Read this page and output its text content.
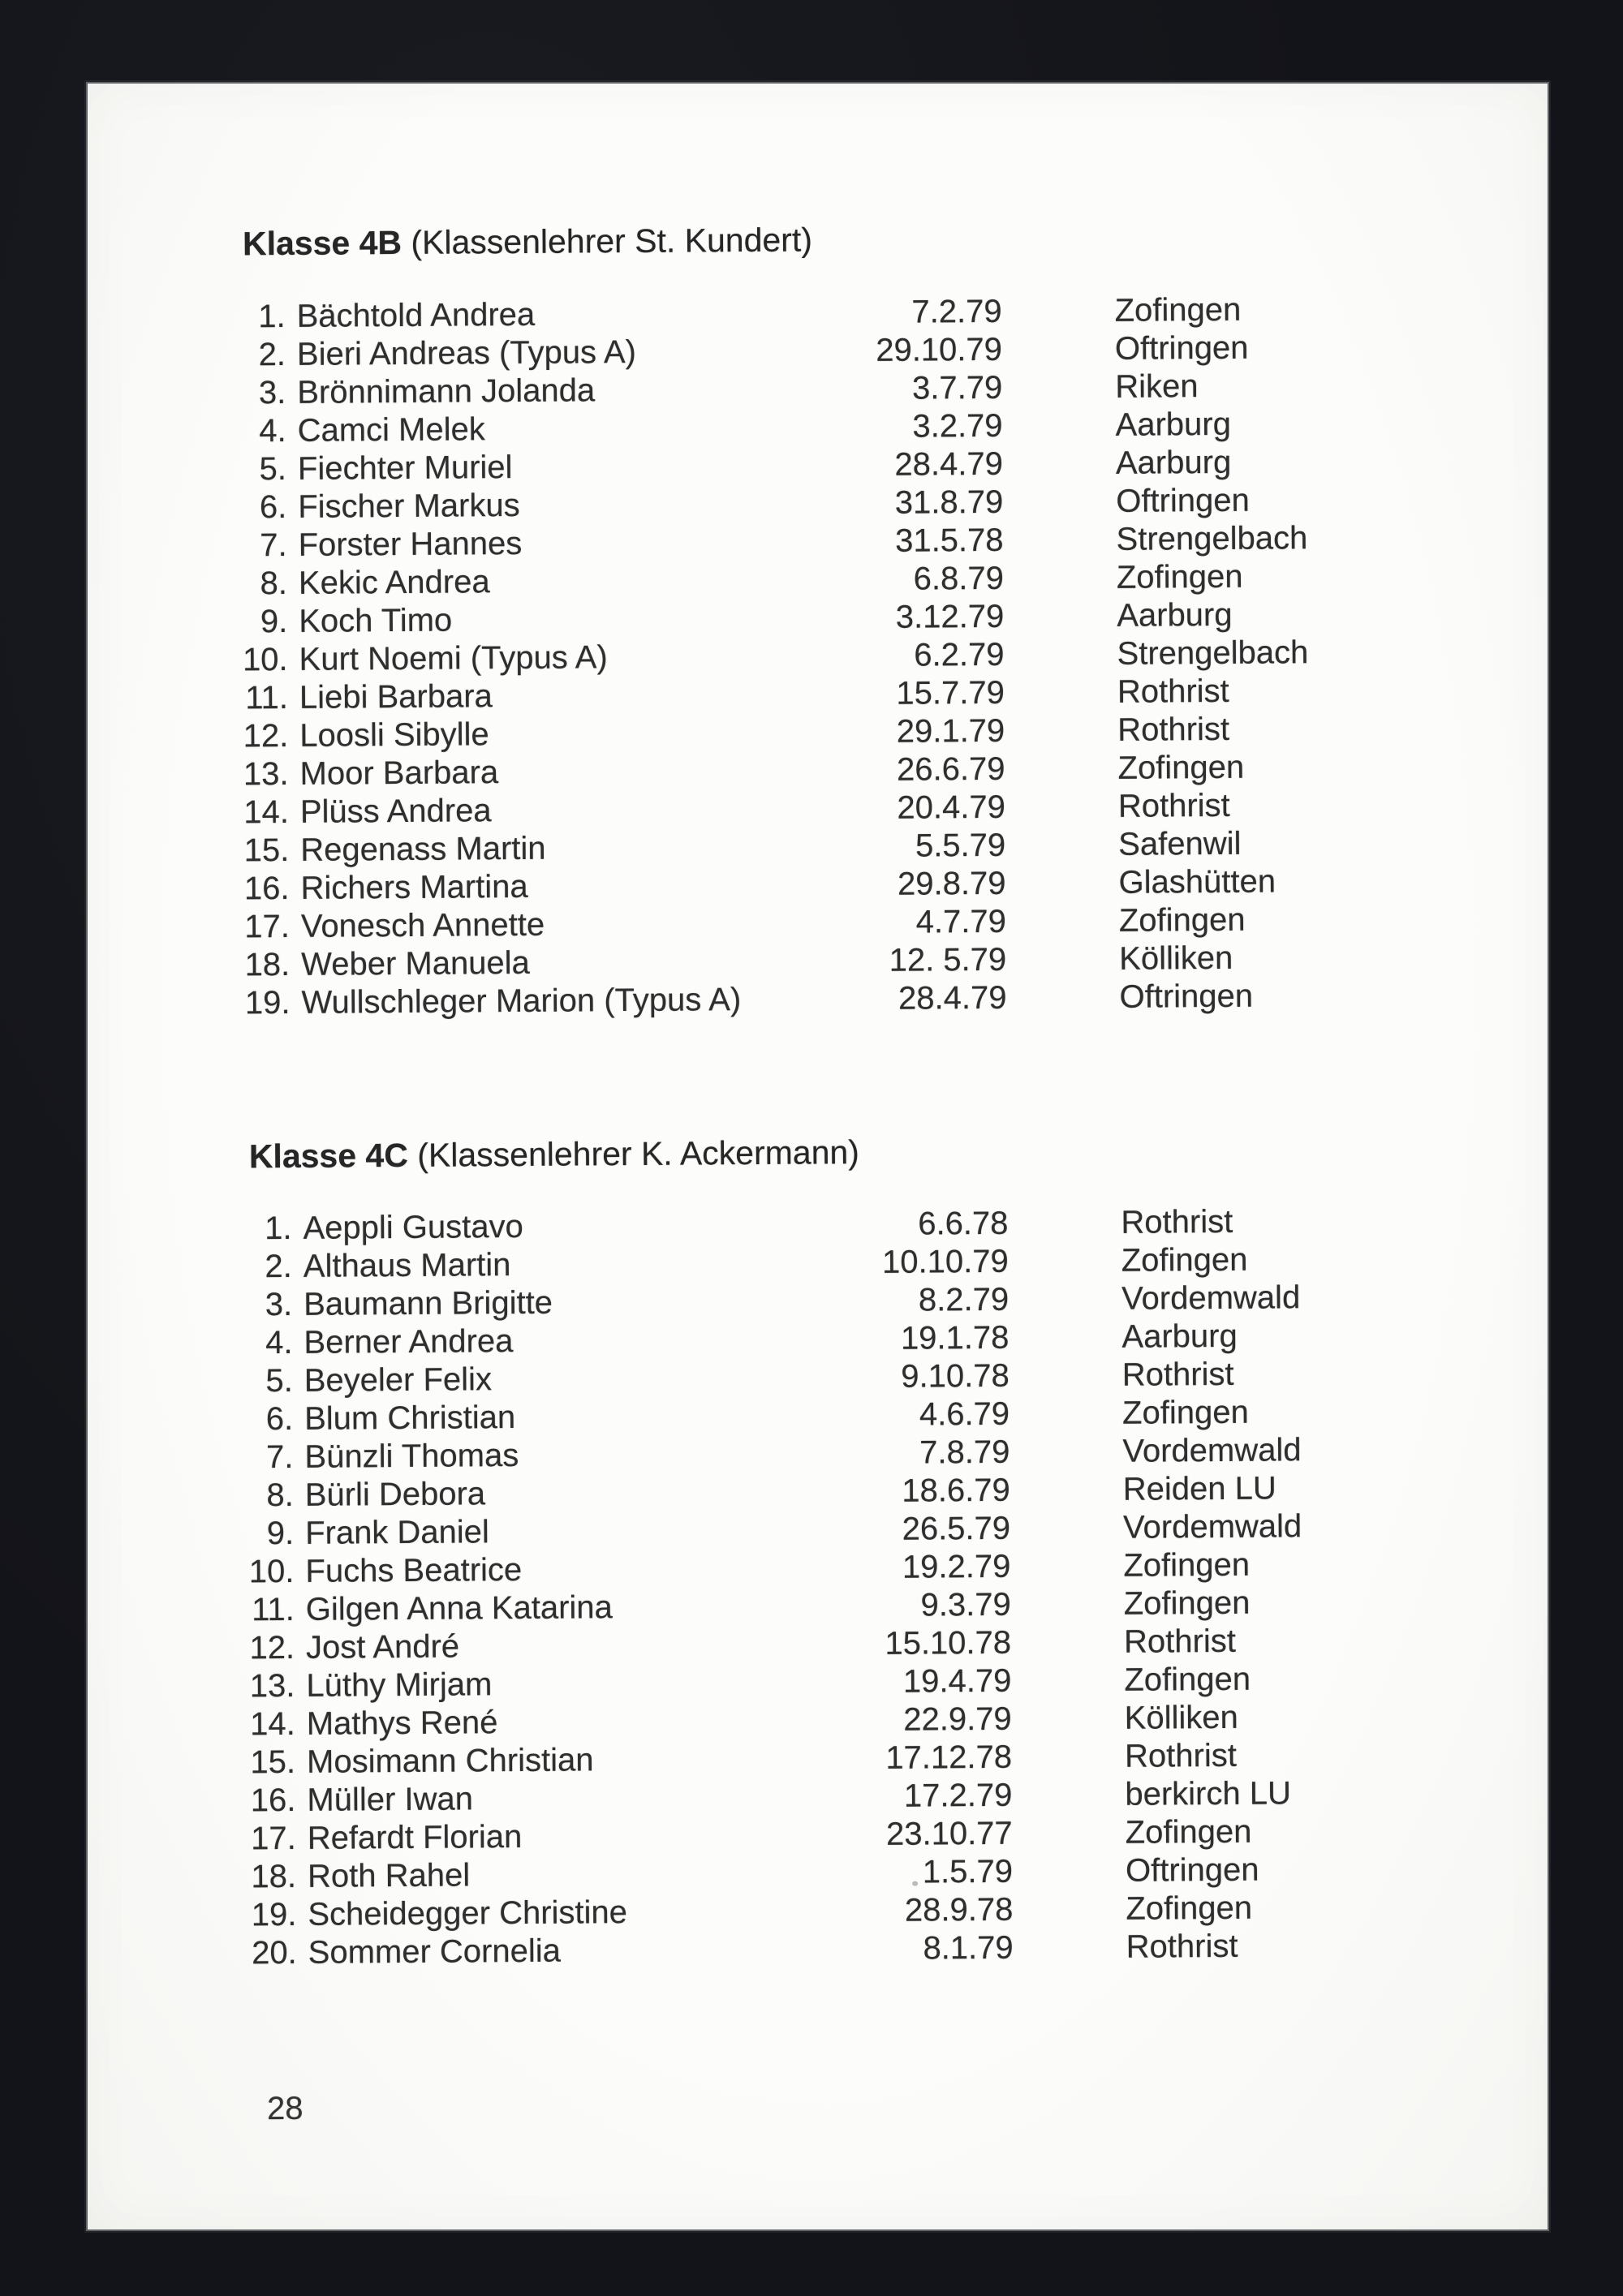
Klasse 4B (Klassenlehrer St. Kundert)
1. Bächtold Andrea	7.2.79	Zofingen
2. Bieri Andreas (Typus A)	29.10.79	Oftringen
3. Brönnimann Jolanda	3.7.79	Riken
4. Camci Melek	3.2.79	Aarburg
5. Fiechter Muriel	28.4.79	Aarburg
6. Fischer Markus	31.8.79	Oftringen
7. Forster Hannes	31.5.78	Strengelbach
8. Kekic Andrea	6.8.79	Zofingen
9. Koch Timo	3.12.79	Aarburg
10. Kurt Noemi (Typus A)	6.2.79	Strengelbach
11. Liebi Barbara	15.7.79	Rothrist
12. Loosli Sibylle	29.1.79	Rothrist
13. Moor Barbara	26.6.79	Zofingen
14. Plüss Andrea	20.4.79	Rothrist
15. Regenass Martin	5.5.79	Safenwil
16. Richers Martina	29.8.79	Glashütten
17. Vonesch Annette	4.7.79	Zofingen
18. Weber Manuela	12. 5.79	Kölliken
19. Wullschleger Marion (Typus A)	28.4.79	Oftringen
Klasse 4C (Klassenlehrer K. Ackermann)
1. Aeppli Gustavo	6.6.78	Rothrist
2. Althaus Martin	10.10.79	Zofingen
3. Baumann Brigitte	8.2.79	Vordemwald
4. Berner Andrea	19.1.78	Aarburg
5. Beyeler Felix	9.10.78	Rothrist
6. Blum Christian	4.6.79	Zofingen
7. Bünzli Thomas	7.8.79	Vordemwald
8. Bürli Debora	18.6.79	Reiden LU
9. Frank Daniel	26.5.79	Vordemwald
10. Fuchs Beatrice	19.2.79	Zofingen
11. Gilgen Anna Katarina	9.3.79	Zofingen
12. Jost André	15.10.78	Rothrist
13. Lüthy Mirjam	19.4.79	Zofingen
14. Mathys René	22.9.79	Kölliken
15. Mosimann Christian	17.12.78	Rothrist
16. Müller Iwan	17.2.79	berkirch LU
17. Refardt Florian	23.10.77	Zofingen
18. Roth Rahel	1.5.79	Oftringen
19. Scheidegger Christine	28.9.78	Zofingen
20. Sommer Cornelia	8.1.79	Rothrist
28
